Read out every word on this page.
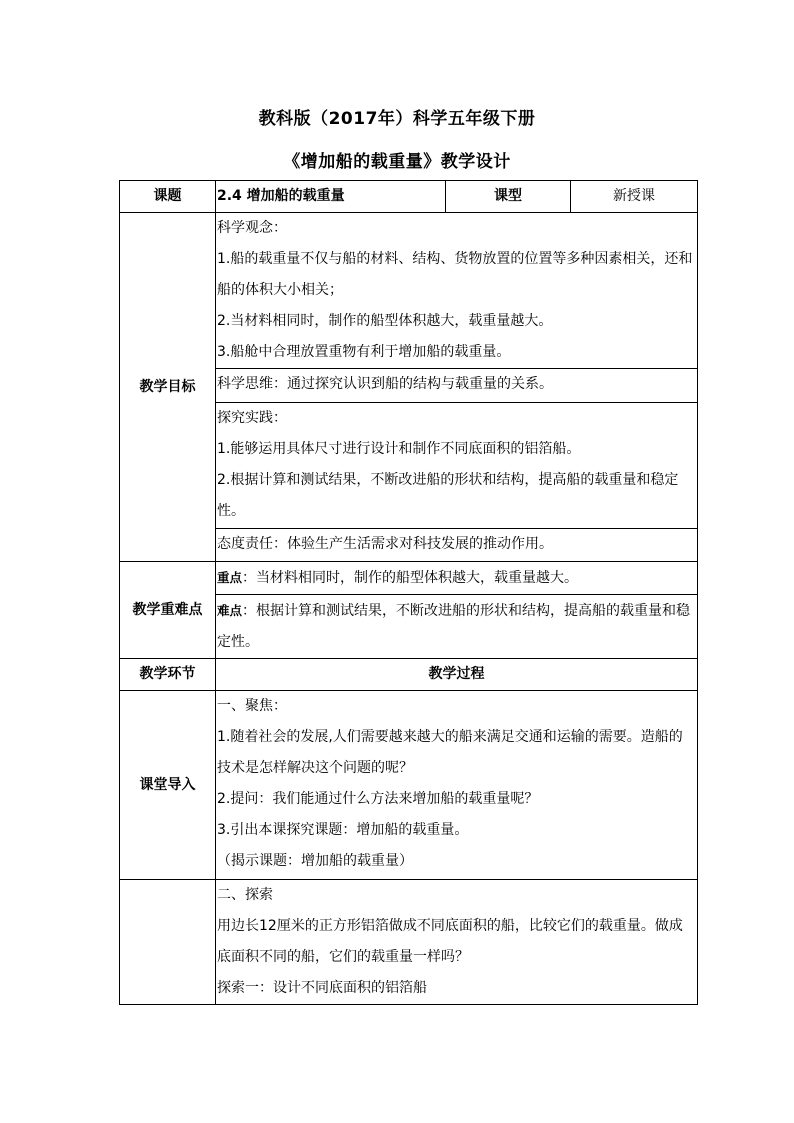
教科版（2017年）科学五年级下册
《增加船的载重量》教学设计
课题	2.4 增加船的载重量	课型	新授课
教学目标	科学观念：

1.船的载重量不仅与船的材料、结构、货物放置的位置等多种因素相关，还和船的体积大小相关；

2.当材料相同时，制作的船型体积越大，载重量越大。

3.船舱中合理放置重物有利于增加船的载重量。		

	科学思维：通过探究认识到船的结构与载重量的关系。		

	探究实践：

1.能够运用具体尺寸进行设计和制作不同底面积的铝箔船。

2.根据计算和测试结果，不断改进船的形状和结构，提高船的载重量和稳定性。		

	态度责任：体验生产生活需求对科技发展的推动作用。		

教学重难点	重点：当材料相同时，制作的船型体积越大，载重量越大。		

	难点：根据计算和测试结果，不断改进船的形状和结构，提高船的载重量和稳定性。		

教学环节	教学过程		
课堂导入	一、聚焦：

1.随着社会的发展,人们需要越来越大的船来满足交通和运输的需要。造船的技术是怎样解决这个问题的呢？

2.提问：我们能通过什么方法来增加船的载重量呢？

3.引出本课探究课题：增加船的载重量。

（揭示课题：增加船的载重量）		

	二、探索

用边长12厘米的正方形铝箔做成不同底面积的船，比较它们的载重量。做成底面积不同的船，它们的载重量一样吗？

探索一：设计不同底面积的铝箔船		
